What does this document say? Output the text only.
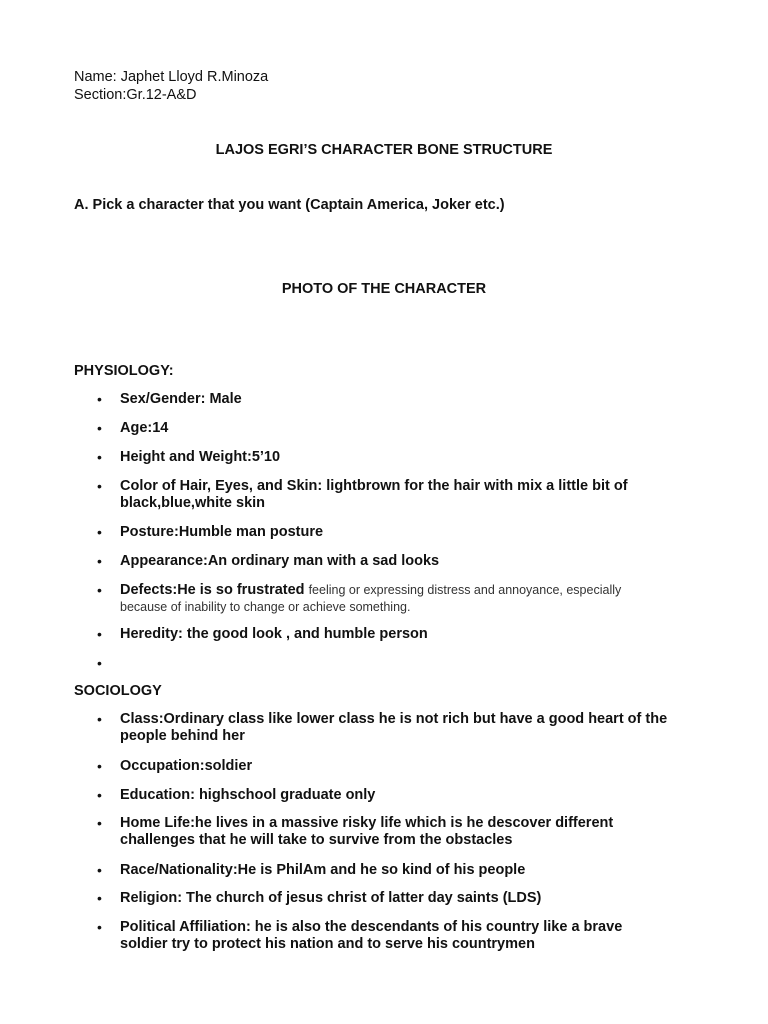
Name: Japhet Lloyd R.Minoza
Section:Gr.12-A&D
LAJOS EGRI’S CHARACTER BONE STRUCTURE
A. Pick a character that you want (Captain America, Joker etc.)
PHOTO OF THE CHARACTER
PHYSIOLOGY:
• Sex/Gender: Male
• Age:14
• Height and Weight:5’10
• Color of Hair, Eyes, and Skin: lightbrown for the hair with mix a little bit of black,blue,white skin
• Posture:Humble man posture
• Appearance:An ordinary man with a sad looks
• Defects:He is so frustrated feeling or expressing distress and annoyance, especially because of inability to change or achieve something.
• Heredity: the good look , and humble person
•
SOCIOLOGY
• Class:Ordinary class like lower class he is not rich but have a good heart of the people behind her
• Occupation:soldier
• Education: highschool graduate only
• Home Life:he lives in a massive risky life which is he descover different challenges that he will take to survive from the obstacles
• Race/Nationality:He is PhilAm and he so kind of his people
• Religion: The church of jesus christ of latter day saints (LDS)
• Political Affiliation: he is also the descendants of his country like a brave soldier try to protect his nation and to serve his countrymen
